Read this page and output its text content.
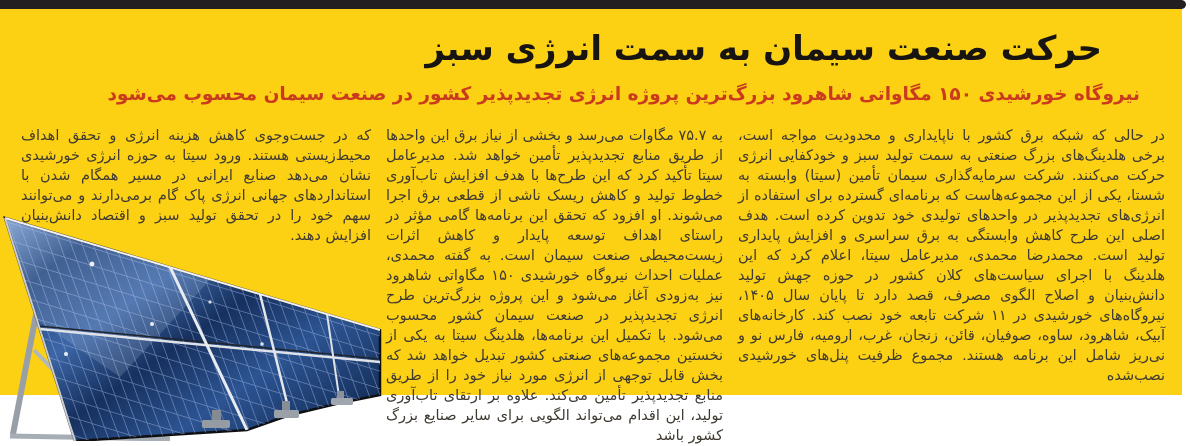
حرکت صنعت سیمان به سمت انرژی سبز
نیروگاه خورشیدی ۱۵۰ مگاواتی شاهرود بزرگ‌ترین پروژه انرژی تجدیدپذیر کشور در صنعت سیمان محسوب می‌شود

در حالی که شبکه برق کشور با ناپایداری و محدودیت مواجه است، برخی هلدینگ‌های بزرگ صنعتی به سمت تولید سبز و خودکفایی انرژی حرکت می‌کنند. شرکت سرمایه‌گذاری سیمان تأمین (سیتا) وابسته به شستا، یکی از این مجموعه‌هاست که برنامه‌ای گسترده برای استفاده از انرژی‌های تجدیدپذیر در واحدهای تولیدی خود تدوین کرده است. هدف اصلی این طرح کاهش وابستگی به برق سراسری و افزایش پایداری تولید است. محمدرضا محمدی، مدیرعامل سیتا، اعلام کرد که این هلدینگ با اجرای سیاست‌های کلان کشور در حوزه جهش تولید دانش‌بنیان و اصلاح الگوی مصرف، قصد دارد تا پایان سال ۱۴۰۵، نیروگاه‌های خورشیدی در ۱۱ شرکت تابعه خود نصب کند. کارخانه‌های آبیک، شاهرود، ساوه، صوفیان، قائن، زنجان، غرب، ارومیه، فارس نو و نی‌ریز شامل این برنامه هستند. مجموع ظرفیت پنل‌های خورشیدی نصب‌شده

به ۷۵.۷ مگاوات می‌رسد و بخشی از نیاز برق این واحدها از طریق منابع تجدیدپذیر تأمین خواهد شد. مدیرعامل سیتا تأکید کرد که این طرح‌ها با هدف افزایش تاب‌آوری خطوط تولید و کاهش ریسک ناشی از قطعی برق اجرا می‌شوند. او افزود که تحقق این برنامه‌ها گامی مؤثر در راستای اهداف توسعه پایدار و کاهش اثرات زیست‌محیطی صنعت سیمان است. به گفته محمدی، عملیات احداث نیروگاه خورشیدی ۱۵۰ مگاواتی شاهرود نیز به‌زودی آغاز می‌شود و این پروژه بزرگ‌ترین طرح انرژی تجدیدپذیر در صنعت سیمان کشور محسوب می‌شود. با تکمیل این برنامه‌ها، هلدینگ سیتا به یکی از نخستین مجموعه‌های صنعتی کشور تبدیل خواهد شد که بخش قابل توجهی از انرژی مورد نیاز خود را از طریق منابع تجدیدپذیر تأمین می‌کند. علاوه بر ارتقای تاب‌آوری تولید، این اقدام می‌تواند الگویی برای سایر صنایع بزرگ کشور باشد

که در جست‌وجوی کاهش هزینه انرژی و تحقق اهداف محیط‌زیستی هستند. ورود سیتا به حوزه انرژی خورشیدی نشان می‌دهد صنایع ایرانی در مسیر همگام شدن با استانداردهای جهانی انرژی پاک گام برمی‌دارند و می‌توانند سهم خود را در تحقق تولید سبز و اقتصاد دانش‌بنیان افزایش دهند.
